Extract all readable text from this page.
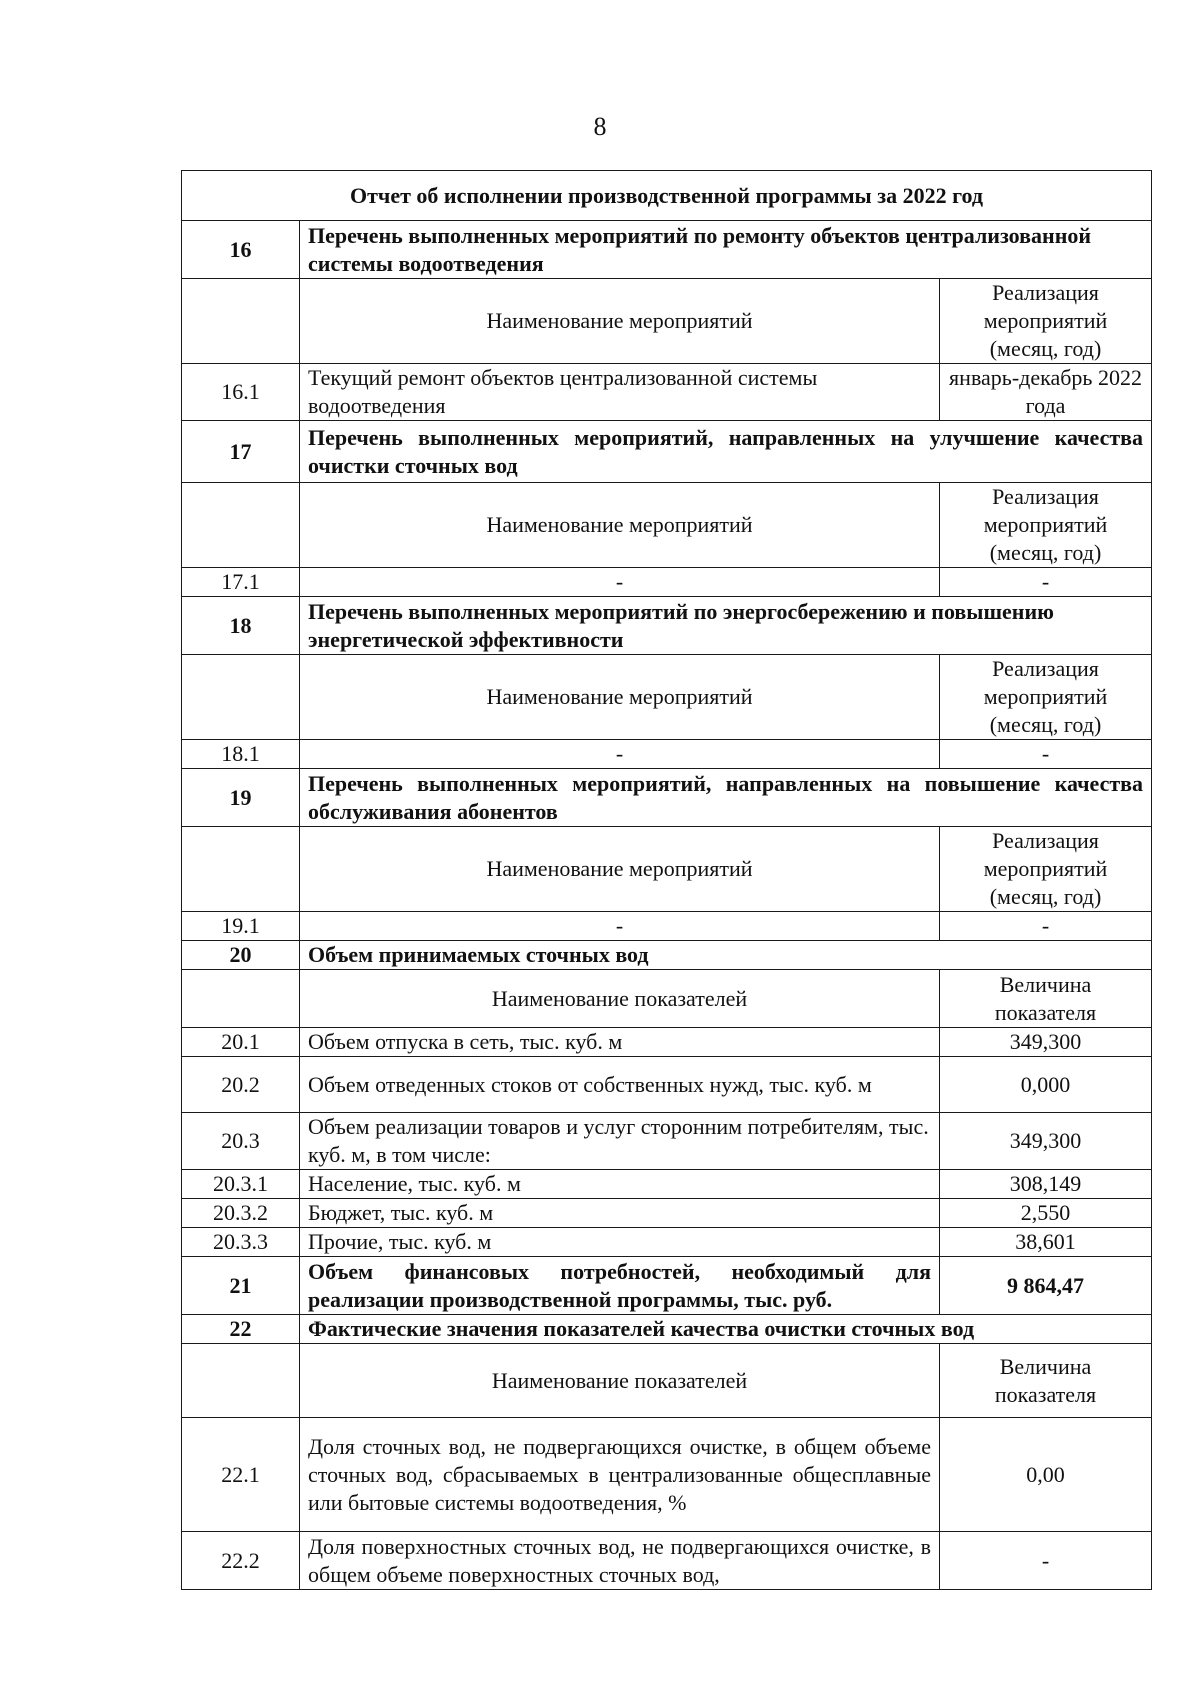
8
Отчет об исполнении производственной программы за 2022 год		
16	Перечень выполненных мероприятий по ремонту объектов централизованной системы водоотведения	
	Наименование мероприятий	Реализация мероприятий (месяц, год)
16.1	Текущий ремонт объектов централизованной системы водоотведения	январь-декабрь 2022 года
17	Перечень выполненных мероприятий, направленных на улучшение качества очистки сточных вод	
	Наименование мероприятий	Реализация мероприятий (месяц, год)
17.1	-	-
18	Перечень выполненных мероприятий по энергосбережению и повышению энергетической эффективности	
	Наименование мероприятий	Реализация мероприятий (месяц, год)
18.1	-	-
19	Перечень выполненных мероприятий, направленных на повышение качества обслуживания абонентов	
	Наименование мероприятий	Реализация мероприятий (месяц, год)
19.1	-	-
20	Объем принимаемых сточных вод	
	Наименование показателей	Величина показателя
20.1	Объем отпуска в сеть, тыс. куб. м	349,300
20.2	Объем отведенных стоков от собственных нужд, тыс. куб. м	0,000
20.3	Объем реализации товаров и услуг сторонним потребителям, тыс. куб. м, в том числе:	349,300
20.3.1	Население, тыс. куб. м	308,149
20.3.2	Бюджет, тыс. куб. м	2,550
20.3.3	Прочие, тыс. куб. м	38,601
21	Объем финансовых потребностей, необходимый для реализации производственной программы, тыс. руб.	9 864,47
22	Фактические значения показателей качества очистки сточных вод	
	Наименование показателей	Величина показателя
22.1	Доля сточных вод, не подвергающихся очистке, в общем объеме сточных вод, сбрасываемых в централизованные общесплавные или бытовые системы водоотведения, %	0,00
22.2	Доля поверхностных сточных вод, не подвергающихся очистке, в общем объеме поверхностных сточных вод,	-
